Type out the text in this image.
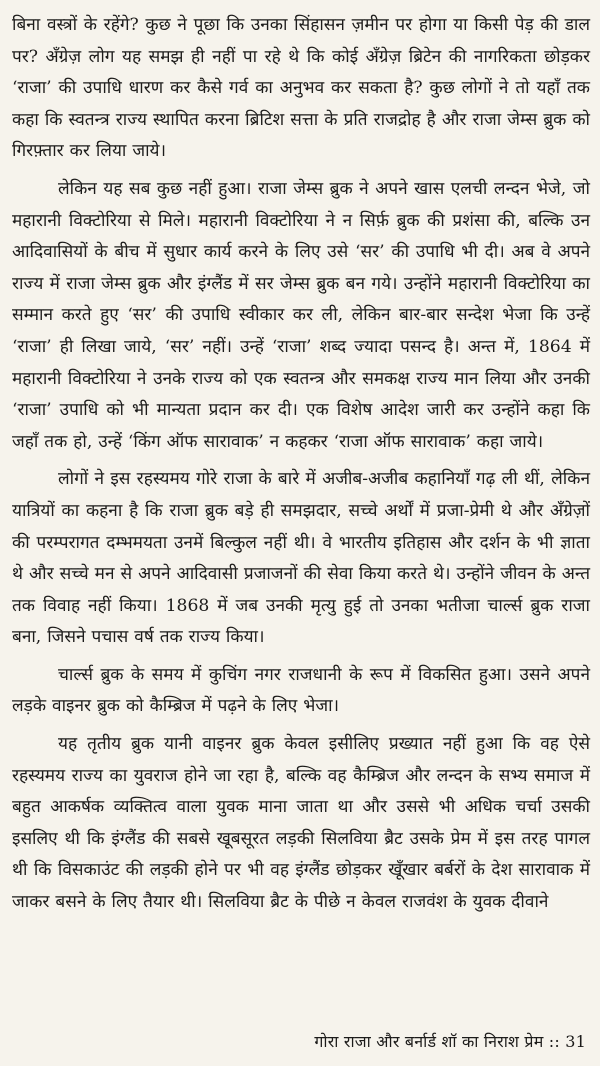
बिना वस्त्रों के रहेंगे? कुछ ने पूछा कि उनका सिंहासन ज़मीन पर होगा या किसी पेड़ की डाल पर? अँग्रेज़ लोग यह समझ ही नहीं पा रहे थे कि कोई अँग्रेज़ ब्रिटेन की नागरिकता छोड़कर ‘राजा’ की उपाधि धारण कर कैसे गर्व का अनुभव कर सकता है? कुछ लोगों ने तो यहाँ तक कहा कि स्वतन्त्र राज्य स्थापित करना ब्रिटिश सत्ता के प्रति राजद्रोह है और राजा जेम्स ब्रुक को गिरफ़्तार कर लिया जाये।

लेकिन यह सब कुछ नहीं हुआ। राजा जेम्स ब्रुक ने अपने खास एलची लन्दन भेजे, जो महारानी विक्टोरिया से मिले। महारानी विक्टोरिया ने न सिर्फ़ ब्रुक की प्रशंसा की, बल्कि उन आदिवासियों के बीच में सुधार कार्य करने के लिए उसे ‘सर’ की उपाधि भी दी। अब वे अपने राज्य में राजा जेम्स ब्रुक और इंग्लैंड में सर जेम्स ब्रुक बन गये। उन्होंने महारानी विक्टोरिया का सम्मान करते हुए ‘सर’ की उपाधि स्वीकार कर ली, लेकिन बार-बार सन्देश भेजा कि उन्हें ‘राजा’ ही लिखा जाये, ‘सर’ नहीं। उन्हें ‘राजा’ शब्द ज्यादा पसन्द है। अन्त में, 1864 में महारानी विक्टोरिया ने उनके राज्य को एक स्वतन्त्र और समकक्ष राज्य मान लिया और उनकी ‘राजा’ उपाधि को भी मान्यता प्रदान कर दी। एक विशेष आदेश जारी कर उन्होंने कहा कि जहाँ तक हो, उन्हें ‘किंग ऑफ सारावाक’ न कहकर ‘राजा ऑफ सारावाक’ कहा जाये।

लोगों ने इस रहस्यमय गोरे राजा के बारे में अजीब-अजीब कहानियाँ गढ़ ली थीं, लेकिन यात्रियों का कहना है कि राजा ब्रुक बड़े ही समझदार, सच्चे अर्थों में प्रजा-प्रेमी थे और अँग्रेज़ों की परम्परागत दम्भमयता उनमें बिल्कुल नहीं थी। वे भारतीय इतिहास और दर्शन के भी ज्ञाता थे और सच्चे मन से अपने आदिवासी प्रजाजनों की सेवा किया करते थे। उन्होंने जीवन के अन्त तक विवाह नहीं किया। 1868 में जब उनकी मृत्यु हुई तो उनका भतीजा चार्ल्स ब्रुक राजा बना, जिसने पचास वर्ष तक राज्य किया।

चार्ल्स ब्रुक के समय में कुचिंग नगर राजधानी के रूप में विकसित हुआ। उसने अपने लड़के वाइनर ब्रुक को कैम्ब्रिज में पढ़ने के लिए भेजा।

यह तृतीय ब्रुक यानी वाइनर ब्रुक केवल इसीलिए प्रख्यात नहीं हुआ कि वह ऐसे रहस्यमय राज्य का युवराज होने जा रहा है, बल्कि वह कैम्ब्रिज और लन्दन के सभ्य समाज में बहुत आकर्षक व्यक्तित्व वाला युवक माना जाता था और उससे भी अधिक चर्चा उसकी इसलिए थी कि इंग्लैंड की सबसे खूबसूरत लड़की सिलविया ब्रैट उसके प्रेम में इस तरह पागल थी कि विसकाउंट की लड़की होने पर भी वह इंग्लैंड छोड़कर खूँखार बर्बरों के देश सारावाक में जाकर बसने के लिए तैयार थी। सिलविया ब्रैट के पीछे न केवल राजवंश के युवक दीवाने

गोरा राजा और बर्नार्ड शॉ का निराश प्रेम :: 31
